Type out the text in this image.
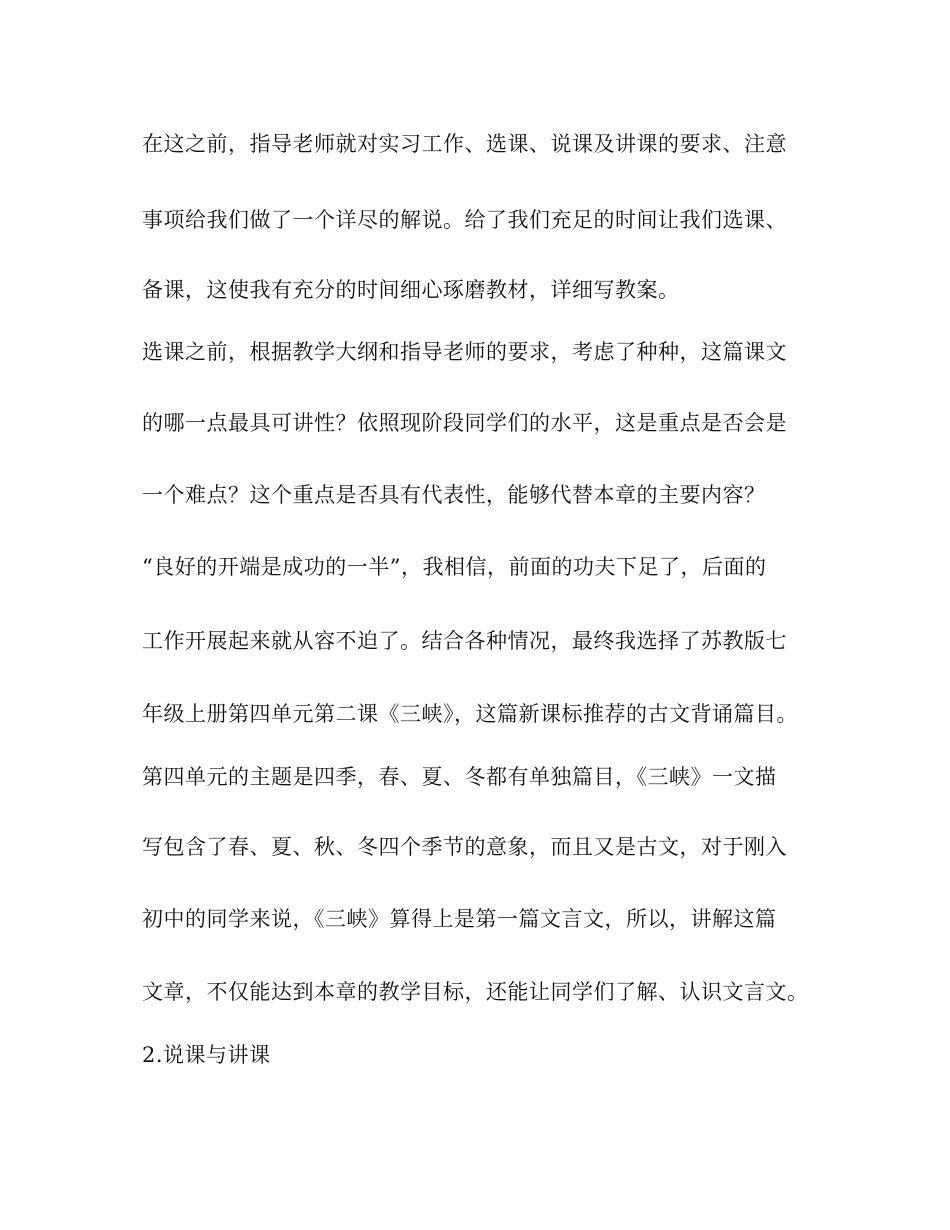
在这之前，指导老师就对实习工作、选课、说课及讲课的要求、注意
事项给我们做了一个详尽的解说。给了我们充足的时间让我们选课、
备课，这使我有充分的时间细心琢磨教材，详细写教案。
选课之前，根据教学大纲和指导老师的要求，考虑了种种，这篇课文
的哪一点最具可讲性？依照现阶段同学们的水平，这是重点是否会是
一个难点？这个重点是否具有代表性，能够代替本章的主要内容？
“良好的开端是成功的一半”，我相信，前面的功夫下足了，后面的
工作开展起来就从容不迫了。结合各种情况，最终我选择了苏教版七
年级上册第四单元第二课《三峡》，这篇新课标推荐的古文背诵篇目。
第四单元的主题是四季，春、夏、冬都有单独篇目，《三峡》一文描
写包含了春、夏、秋、冬四个季节的意象，而且又是古文，对于刚入
初中的同学来说，《三峡》算得上是第一篇文言文，所以，讲解这篇
文章，不仅能达到本章的教学目标，还能让同学们了解、认识文言文。
2.说课与讲课
